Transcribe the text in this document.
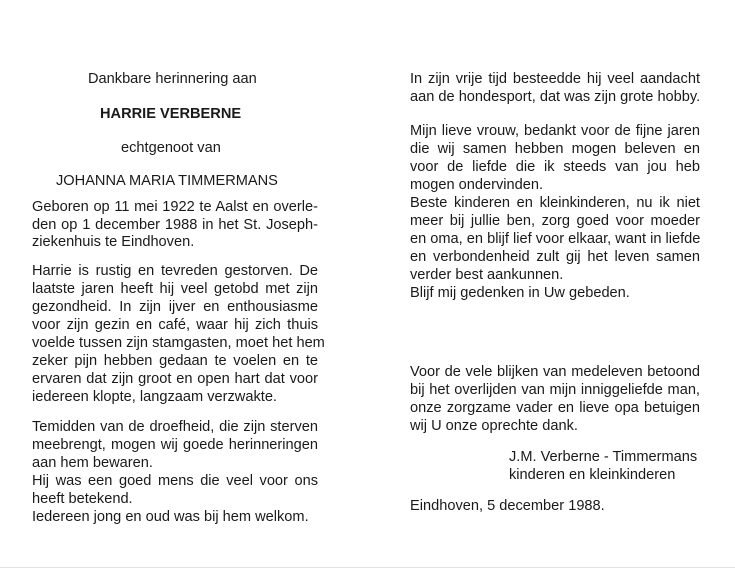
Dankbare herinnering aan
HARRIE VERBERNE
echtgenoot van
JOHANNA MARIA TIMMERMANS
Geboren op 11 mei 1922 te Aalst en overle-
den op 1 december 1988 in het St. Joseph-
ziekenhuis te Eindhoven.
Harrie is rustig en tevreden gestorven. De
laatste jaren heeft hij veel getobd met zijn
gezondheid. In zijn ijver en enthousiasme
voor zijn gezin en café, waar hij zich thuis
voelde tussen zijn stamgasten, moet het hem
zeker pijn hebben gedaan te voelen en te
ervaren dat zijn groot en open hart dat voor
iedereen klopte, langzaam verzwakte.
Temidden van de droefheid, die zijn sterven
meebrengt, mogen wij goede herinneringen
aan hem bewaren.
Hij was een goed mens die veel voor ons
heeft betekend.
Iedereen jong en oud was bij hem welkom.
In zijn vrije tijd besteedde hij veel aandacht
aan de hondesport, dat was zijn grote hobby.
Mijn lieve vrouw, bedankt voor de fijne jaren
die wij samen hebben mogen beleven en
voor de liefde die ik steeds van jou heb
mogen ondervinden.
Beste kinderen en kleinkinderen, nu ik niet
meer bij jullie ben, zorg goed voor moeder
en oma, en blijf lief voor elkaar, want in liefde
en verbondenheid zult gij het leven samen
verder best aankunnen.
Blijf mij gedenken in Uw gebeden.
Voor de vele blijken van medeleven betoond
bij het overlijden van mijn inniggeliefde man,
onze zorgzame vader en lieve opa betuigen
wij U onze oprechte dank.
J.M. Verberne - Timmermans
kinderen en kleinkinderen
Eindhoven, 5 december 1988.
